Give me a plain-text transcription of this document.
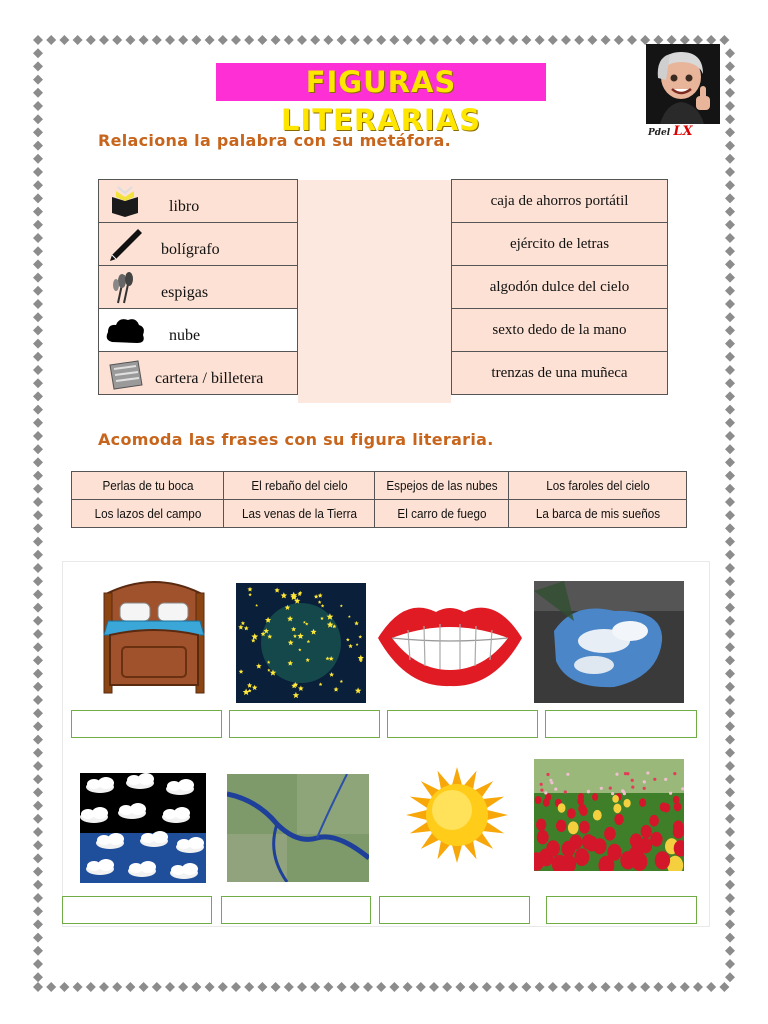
FIGURAS LITERARIAS	Pdel LX
Relaciona la palabra con su metáfora.
libro
bolígrafo
espigas
nube
cartera / billetera
caja de ahorros portátil
ejército de letras
algodón dulce del cielo
sexto dedo de la mano
trenzas de una muñeca
Acomoda las frases con su figura literaria.
Perlas de tu boca	El rebaño del cielo	Espejos de las nubes	Los faroles del cielo
Los lazos del campo	Las venas de la Tierra	El carro de fuego	La barca de mis sueños
